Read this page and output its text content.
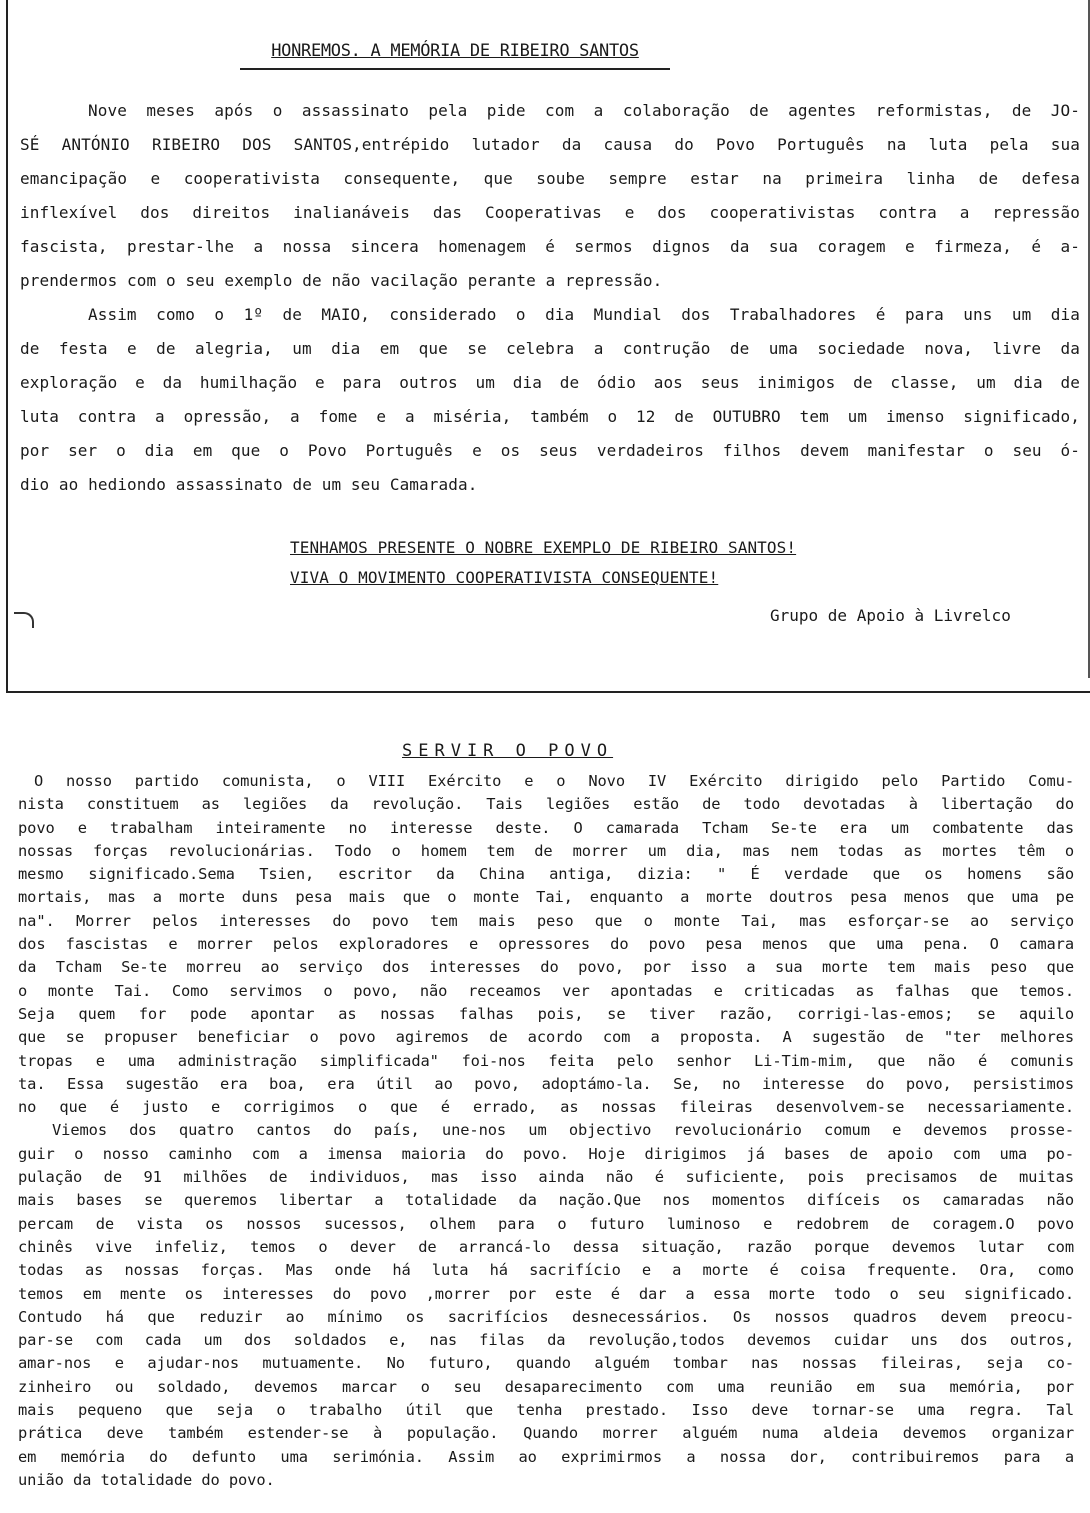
HONREMOS. A MEMÓRIA DE RIBEIRO SANTOS
Nove meses após o assassinato pela pide com a colaboração de agentes reformistas, de JO-
SÉ ANTÓNIO RIBEIRO DOS SANTOS,entrépido lutador da causa do Povo Português na luta pela sua
emancipação e cooperativista consequente, que soube sempre estar na primeira linha de defesa
inflexível dos direitos inalianáveis das Cooperativas e dos cooperativistas contra a repressão
fascista, prestar-lhe a nossa sincera homenagem é sermos dignos da sua coragem e firmeza, é a-
prendermos com o seu exemplo de não vacilação perante a repressão.
Assim como o 1º de MAIO, considerado o dia Mundial dos Trabalhadores é para uns um dia
de festa e de alegria, um dia em que se celebra a contrução de uma sociedade nova, livre da
exploração e da humilhação e para outros um dia de ódio aos seus inimigos de classe, um dia de
luta contra a opressão, a fome e a miséria, também o 12 de OUTUBRO tem um imenso significado,
por ser o dia em que o Povo Português e os seus verdadeiros filhos devem manifestar o seu ó-
dio ao hediondo assassinato de um seu Camarada.
TENHAMOS PRESENTE O NOBRE EXEMPLO DE RIBEIRO SANTOS!
VIVA O MOVIMENTO COOPERATIVISTA CONSEQUENTE!
Grupo de Apoio à Livrelco
SERVIR O POVO
O nosso partido comunista, o VIII Exército e o Novo IV Exército dirigido pelo Partido Comu-
nista constituem as legiões da revolução. Tais legiões estão de todo devotadas à libertação do
povo e trabalham inteiramente no interesse deste. O camarada Tcham Se-te era um combatente das
nossas forças revolucionárias. Todo o homem tem de morrer um dia, mas nem todas as mortes têm o
mesmo significado.Sema Tsien, escritor da China antiga, dizia: " É verdade que os homens são
mortais, mas a morte duns pesa mais que o monte Tai, enquanto a morte doutros pesa menos que uma pe
na". Morrer pelos interesses do povo tem mais peso que o monte Tai, mas esforçar-se ao serviço
dos fascistas e morrer pelos exploradores e opressores do povo pesa menos que uma pena. O camara
da Tcham Se-te morreu ao serviço dos interesses do povo, por isso a sua morte tem mais peso que
o monte Tai. Como servimos o povo, não receamos ver apontadas e criticadas as falhas que temos.
Seja quem for pode apontar as nossas falhas pois, se tiver razão, corrigi-las-emos; se aquilo
que se propuser beneficiar o povo agiremos de acordo com a proposta. A sugestão de "ter melhores
tropas e uma administração simplificada" foi-nos feita pelo senhor Li-Tim-mim, que não é comunis
ta. Essa sugestão era boa, era útil ao povo, adoptámo-la. Se, no interesse do povo, persistimos
no que é justo e corrigimos o que é errado, as nossas fileiras desenvolvem-se necessariamente.
Viemos dos quatro cantos do país, une-nos um objectivo revolucionário comum e devemos prosse-
guir o nosso caminho com a imensa maioria do povo. Hoje dirigimos já bases de apoio com uma po-
pulação de 91 milhões de individuos, mas isso ainda não é suficiente, pois precisamos de muitas
mais bases se queremos libertar a totalidade da nação.Que nos momentos difíceis os camaradas não
percam de vista os nossos sucessos, olhem para o futuro luminoso e redobrem de coragem.O povo
chinês vive infeliz, temos o dever de arrancá-lo dessa situação, razão porque devemos lutar com
todas as nossas forças. Mas onde há luta há sacrifício e a morte é coisa frequente. Ora, como
temos em mente os interesses do povo ,morrer por este é dar a essa morte todo o seu significado.
Contudo há que reduzir ao mínimo os sacrifícios desnecessários. Os nossos quadros devem preocu-
par-se com cada um dos soldados e, nas filas da revolução,todos devemos cuidar uns dos outros,
amar-nos e ajudar-nos mutuamente. No futuro, quando alguém tombar nas nossas fileiras, seja co-
zinheiro ou soldado, devemos marcar o seu desaparecimento com uma reunião em sua memória, por
mais pequeno que seja o trabalho útil que tenha prestado. Isso deve tornar-se uma regra. Tal
prática deve também estender-se à população. Quando morrer alguém numa aldeia devemos organizar
em memória do defunto uma serimónia. Assim ao exprimirmos a nossa dor, contribuiremos para a
união da totalidade do povo.
